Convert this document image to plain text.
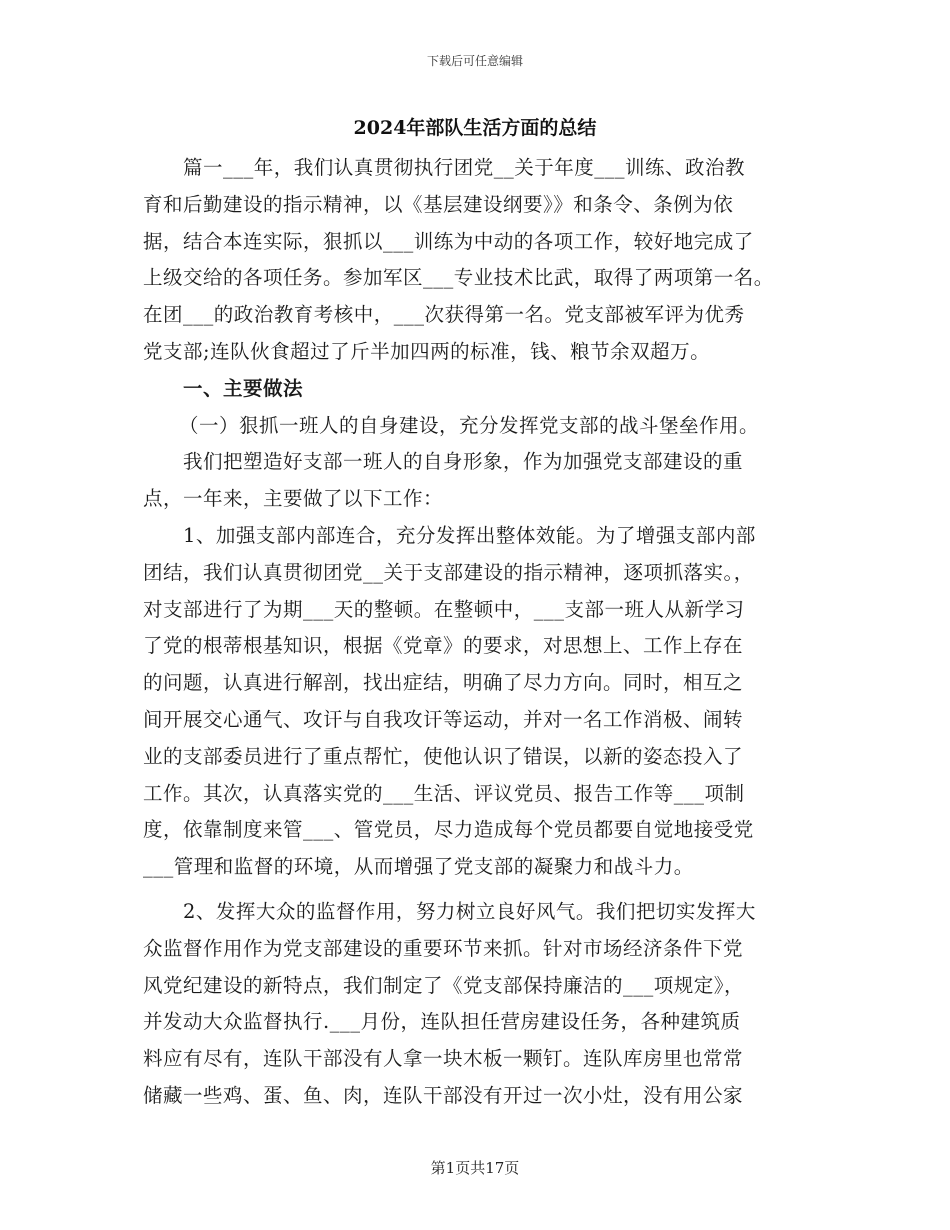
下载后可任意编辑
2024年部队生活方面的总结
篇一___年，我们认真贯彻执行团党__关于年度___训练、政治教
育和后勤建设的指示精神，以《基层建设纲要》》和条令、条例为依
据，结合本连实际，狠抓以___训练为中动的各项工作，较好地完成了
上级交给的各项任务。参加军区___专业技术比武，取得了两项第一名。
在团___的政治教育考核中，___次获得第一名。党支部被军评为优秀
党支部;连队伙食超过了斤半加四两的标准，钱、粮节余双超万。
一、主要做法
（一）狠抓一班人的自身建设，充分发挥党支部的战斗堡垒作用。
我们把塑造好支部一班人的自身形象，作为加强党支部建设的重
点，一年来，主要做了以下工作：
1、加强支部内部连合，充分发挥出整体效能。为了增强支部内部
团结，我们认真贯彻团党__关于支部建设的指示精神，逐项抓落实。，
对支部进行了为期___天的整顿。在整顿中，___支部一班人从新学习
了党的根蒂根基知识，根据《党章》的要求，对思想上、工作上存在
的问题，认真进行解剖，找出症结，明确了尽力方向。同时，相互之
间开展交心通气、攻讦与自我攻讦等运动，并对一名工作消极、闹转
业的支部委员进行了重点帮忙，使他认识了错误，以新的姿态投入了
工作。其次，认真落实党的___生活、评议党员、报告工作等___项制
度，依靠制度来管___、管党员，尽力造成每个党员都要自觉地接受党
___管理和监督的环境，从而增强了党支部的凝聚力和战斗力。
2、发挥大众的监督作用，努力树立良好风气。我们把切实发挥大
众监督作用作为党支部建设的重要环节来抓。针对市场经济条件下党
风党纪建设的新特点，我们制定了《党支部保持廉洁的___项规定》，
并发动大众监督执行.___月份，连队担任营房建设任务，各种建筑质
料应有尽有，连队干部没有人拿一块木板一颗钉。连队库房里也常常
储藏一些鸡、蛋、鱼、肉，连队干部没有开过一次小灶，没有用公家
第1页共17页
